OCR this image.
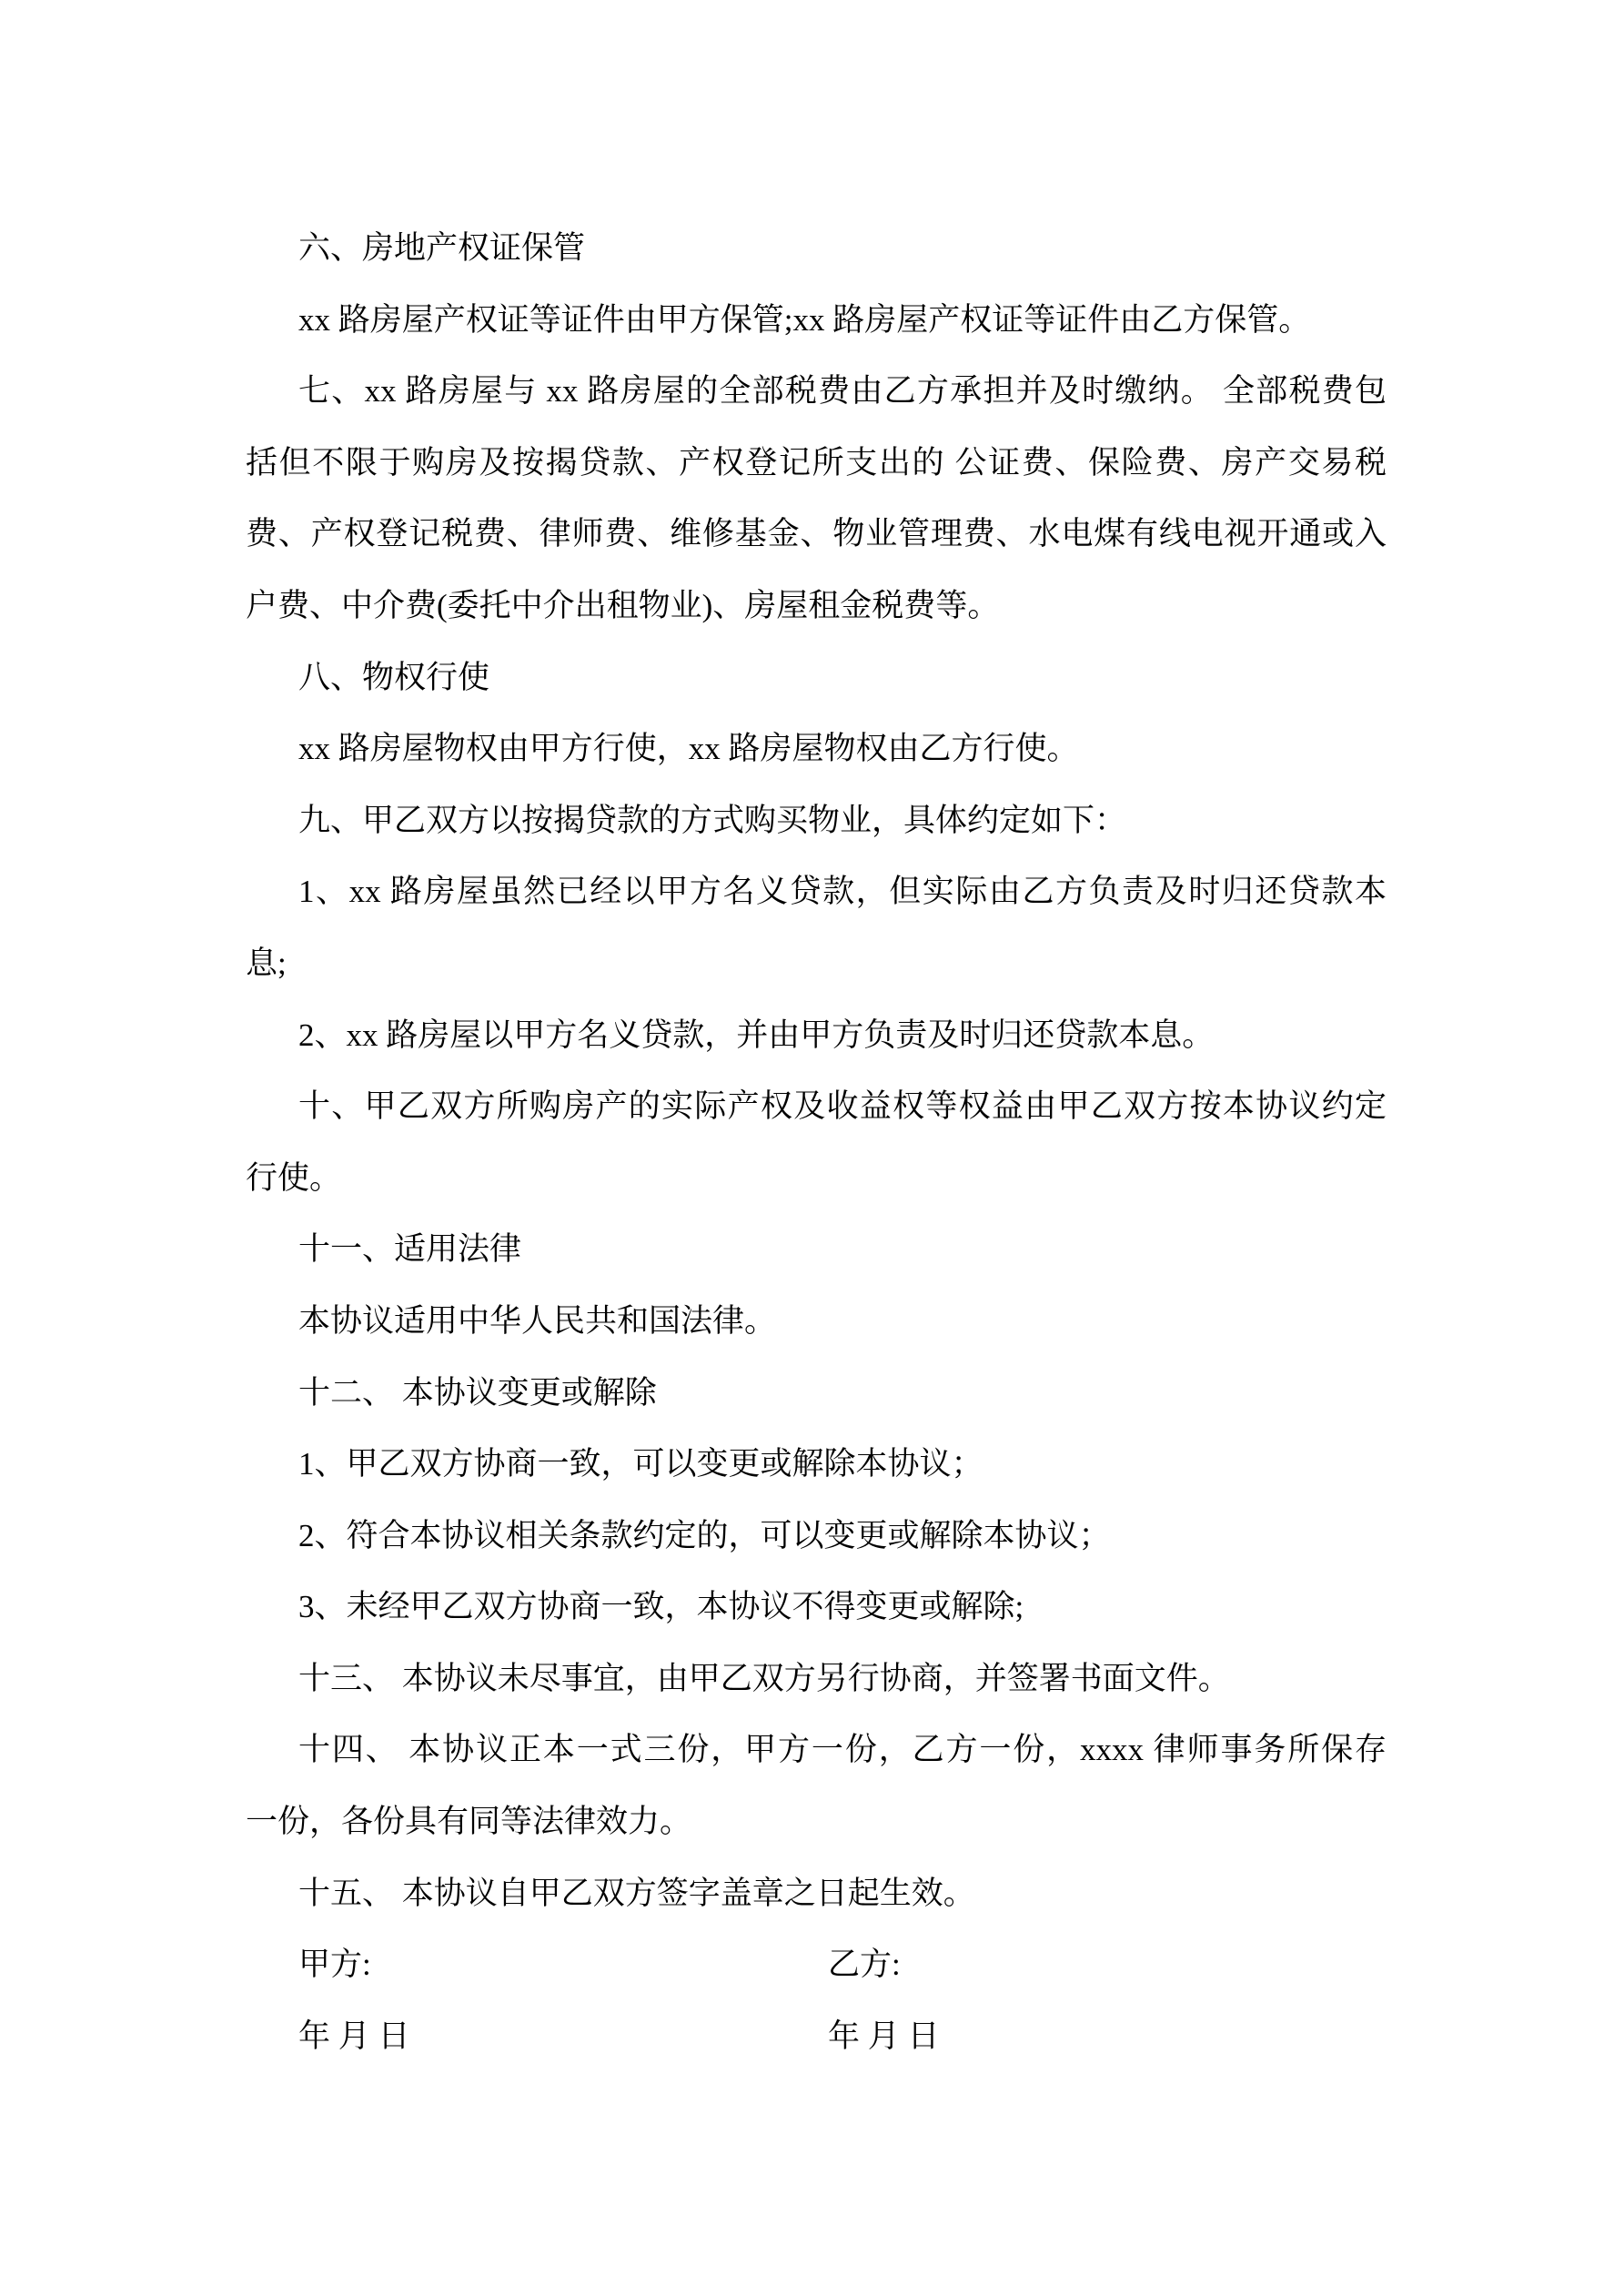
六、房地产权证保管
xx 路房屋产权证等证件由甲方保管;xx 路房屋产权证等证件由乙方保管。
七、xx 路房屋与 xx 路房屋的全部税费由乙方承担并及时缴纳。 全部税费包
括但不限于购房及按揭贷款、产权登记所支出的 公证费、保险费、房产交易税
费、产权登记税费、律师费、维修基金、物业管理费、水电煤有线电视开通或入
户费、中介费(委托中介出租物业)、房屋租金税费等。
八、物权行使
xx 路房屋物权由甲方行使，xx 路房屋物权由乙方行使。
九、甲乙双方以按揭贷款的方式购买物业，具体约定如下：
1、xx 路房屋虽然已经以甲方名义贷款，但实际由乙方负责及时归还贷款本
息;
2、xx 路房屋以甲方名义贷款，并由甲方负责及时归还贷款本息。
十、甲乙双方所购房产的实际产权及收益权等权益由甲乙双方按本协议约定
行使。
十一、适用法律
本协议适用中华人民共和国法律。
十二、 本协议变更或解除
1、甲乙双方协商一致，可以变更或解除本协议；
2、符合本协议相关条款约定的，可以变更或解除本协议；
3、未经甲乙双方协商一致，本协议不得变更或解除;
十三、 本协议未尽事宜，由甲乙双方另行协商，并签署书面文件。
十四、 本协议正本一式三份，甲方一份，乙方一份，xxxx 律师事务所保存
一份，各份具有同等法律效力。
十五、 本协议自甲乙双方签字盖章之日起生效。
甲方:	乙方:
年 月 日	年 月 日
